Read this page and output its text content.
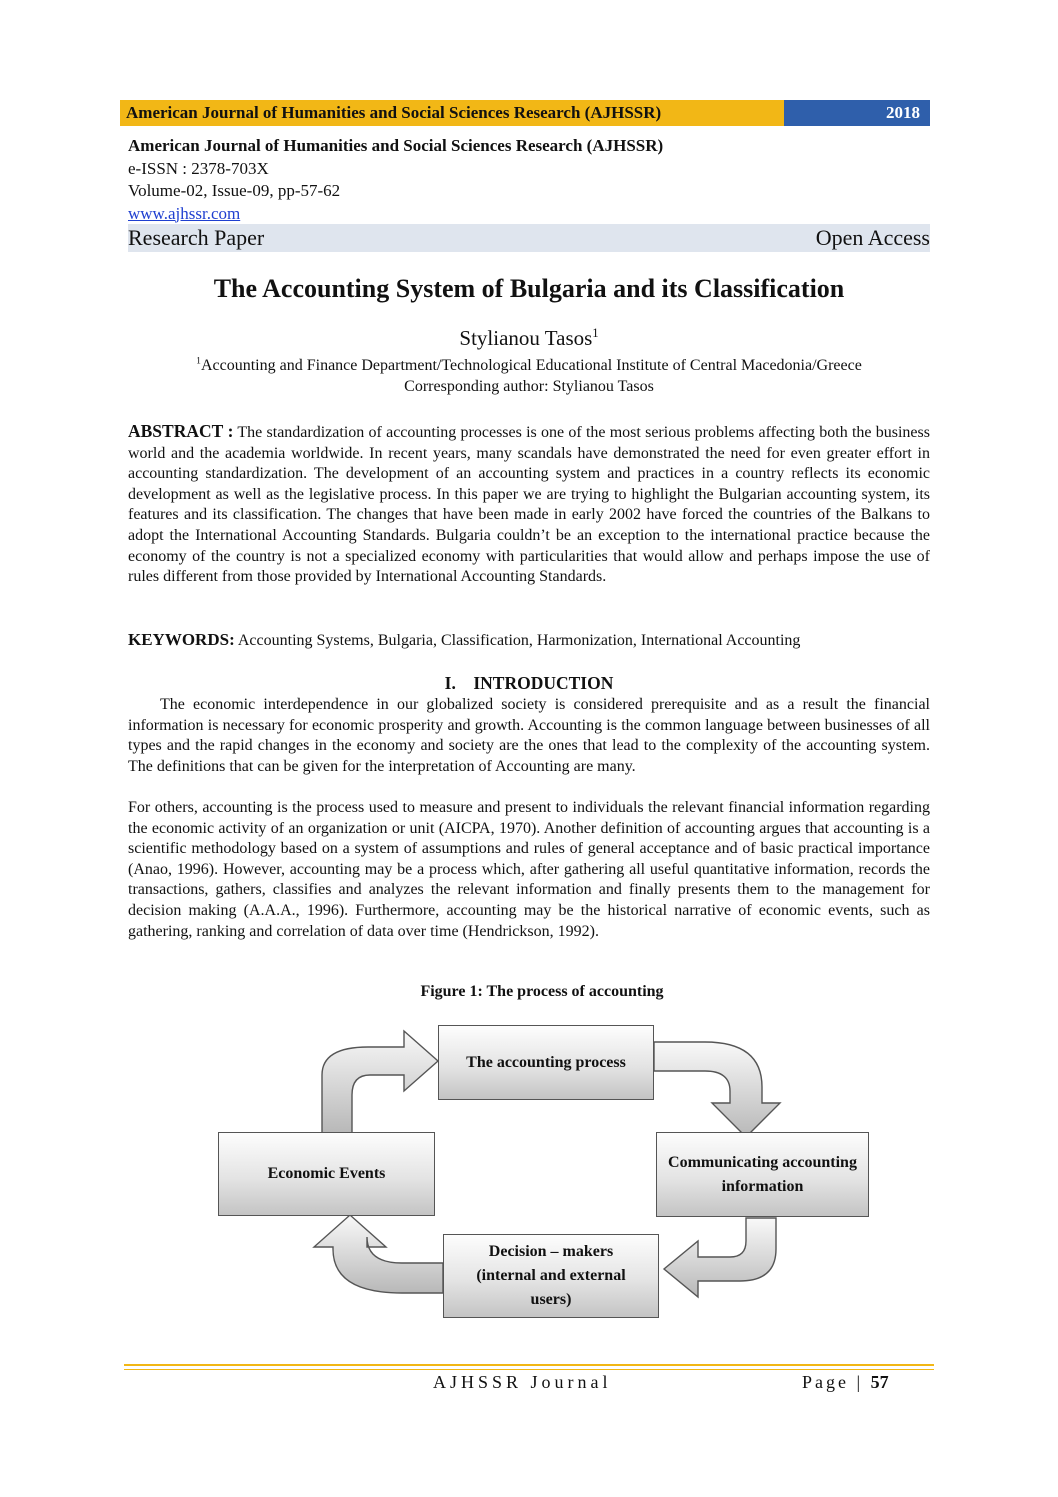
American Journal of Humanities and Social Sciences Research (AJHSSR)	2018
American Journal of Humanities and Social Sciences Research (AJHSSR)
e-ISSN : 2378-703X
Volume-02, Issue-09, pp-57-62
www.ajhssr.com
Research Paper	Open Access
The Accounting System of Bulgaria and its Classification
Stylianou Tasos$^1$
$^1$Accounting and Finance Department/Technological Educational Institute of Central Macedonia/Greece
Corresponding author: Stylianou Tasos
ABSTRACT : The standardization of accounting processes is one of the most serious problems affecting both the business world and the academia worldwide. In recent years, many scandals have demonstrated the need for even greater effort in accounting standardization. The development of an accounting system and practices in a country reflects its economic development as well as the legislative process. In this paper we are trying to highlight the Bulgarian accounting system, its features and its classification. The changes that have been made in early 2002 have forced the countries of the Balkans to adopt the International Accounting Standards. Bulgaria couldn’t be an exception to the international practice because the economy of the country is not a specialized economy with particularities that would allow and perhaps impose the use of rules different from those provided by International Accounting Standards.
KEYWORDS: Accounting Systems, Bulgaria, Classification, Harmonization, International Accounting
I.    INTRODUCTION
The economic interdependence in our globalized society is considered prerequisite and as a result the financial information is necessary for economic prosperity and growth. Accounting is the common language between businesses of all types and the rapid changes in the economy and society are the ones that lead to the complexity of the accounting system. The definitions that can be given for the interpretation of Accounting are many.
For others, accounting is the process used to measure and present to individuals the relevant financial information regarding the economic activity of an organization or unit (AICPA, 1970). Another definition of accounting argues that accounting is a scientific methodology based on a system of assumptions and rules of general acceptance and of basic practical importance (Anao, 1996). However, accounting may be a process which, after gathering all useful quantitative information, records the transactions, gathers, classifies and analyzes the relevant information and finally presents them to the management for decision making (A.A.A., 1996). Furthermore, accounting may be the historical narrative of economic events, such as gathering, ranking and correlation of data over time (Hendrickson, 1992).
Figure 1: The process of accounting
The accounting process
Economic Events
Communicating accounting information
Decision – makers (internal and external users)
AJHSSR Journal	Page | 57
